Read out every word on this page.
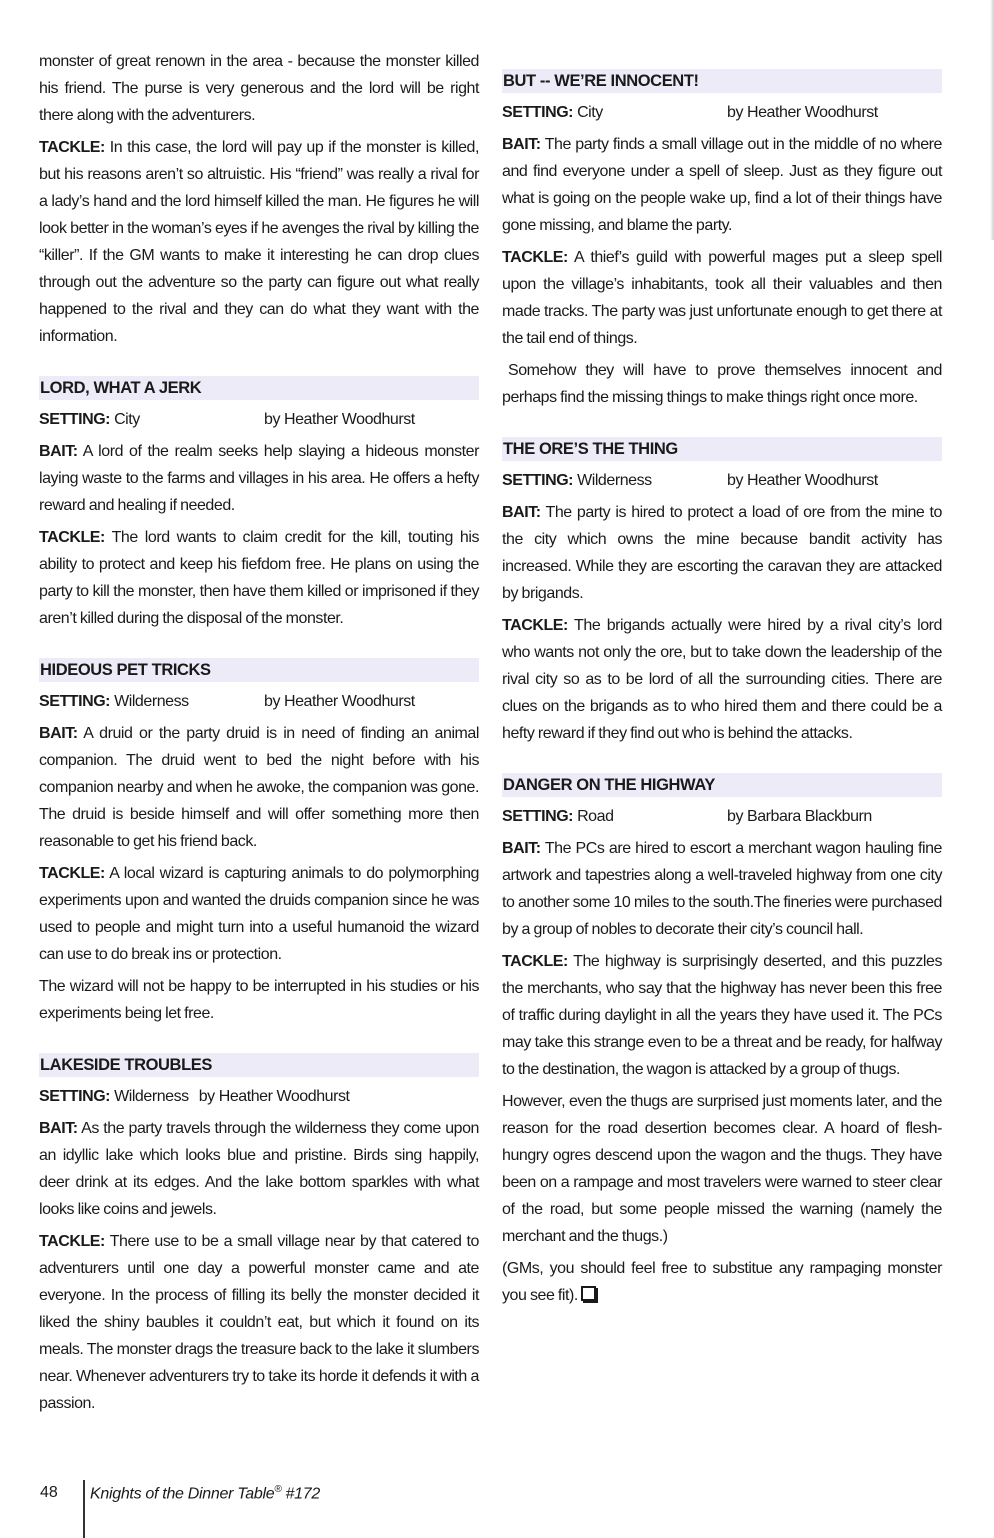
monster of great renown in the area - because the monster killed his friend. The purse is very generous and the lord will be right there along with the adventurers.

TACKLE: In this case, the lord will pay up if the monster is killed, but his reasons aren’t so altruistic. His “friend” was really a rival for a lady’s hand and the lord himself killed the man. He figures he will look better in the woman’s eyes if he avenges the rival by killing the “killer”. If the GM wants to make it interesting he can drop clues through out the adventure so the party can figure out what really happened to the rival and they can do what they want with the information.

LORD, WHAT A JERK
SETTING: City	by Heather Woodhurst

BAIT: A lord of the realm seeks help slaying a hideous monster laying waste to the farms and villages in his area. He offers a hefty reward and healing if needed.

TACKLE: The lord wants to claim credit for the kill, touting his ability to protect and keep his fiefdom free. He plans on using the party to kill the monster, then have them killed or imprisoned if they aren’t killed during the disposal of the monster.

HIDEOUS PET TRICKS
SETTING: Wilderness	by Heather Woodhurst

BAIT: A druid or the party druid is in need of finding an animal companion. The druid went to bed the night before with his companion nearby and when he awoke, the companion was gone. The druid is beside himself and will offer something more then reasonable to get his friend back.

TACKLE: A local wizard is capturing animals to do polymorphing experiments upon and wanted the druids companion since he was used to people and might turn into a useful humanoid the wizard can use to do break ins or protection.

The wizard will not be happy to be interrupted in his studies or his experiments being let free.

LAKESIDE TROUBLES
SETTING: Wilderness by Heather Woodhurst

BAIT: As the party travels through the wilderness they come upon an idyllic lake which looks blue and pristine. Birds sing happily, deer drink at its edges. And the lake bottom sparkles with what looks like coins and jewels.

TACKLE: There use to be a small village near by that catered to adventurers until one day a powerful monster came and ate everyone. In the process of filling its belly the monster decided it liked the shiny baubles it couldn’t eat, but which it found on its meals. The monster drags the treasure back to the lake it slumbers near. Whenever adventurers try to take its horde it defends it with a passion.

BUT -- WE’RE INNOCENT!
SETTING: City	by Heather Woodhurst

BAIT: The party finds a small village out in the middle of no where and find everyone under a spell of sleep. Just as they figure out what is going on the people wake up, find a lot of their things have gone missing, and blame the party.

TACKLE: A thief’s guild with powerful mages put a sleep spell upon the village’s inhabitants, took all their valuables and then made tracks. The party was just unfortunate enough to get there at the tail end of things.

Somehow they will have to prove themselves innocent and perhaps find the missing things to make things right once more.

THE ORE’S THE THING
SETTING: Wilderness	by Heather Woodhurst

BAIT: The party is hired to protect a load of ore from the mine to the city which owns the mine because bandit activity has increased. While they are escorting the caravan they are attacked by brigands.

TACKLE: The brigands actually were hired by a rival city’s lord who wants not only the ore, but to take down the leadership of the rival city so as to be lord of all the surrounding cities. There are clues on the brigands as to who hired them and there could be a hefty reward if they find out who is behind the attacks.

DANGER ON THE HIGHWAY
SETTING: Road	by Barbara Blackburn

BAIT: The PCs are hired to escort a merchant wagon hauling fine artwork and tapestries along a well-traveled highway from one city to another some 10 miles to the south.The fineries were purchased by a group of nobles to decorate their city’s council hall.

TACKLE: The highway is surprisingly deserted, and this puzzles the merchants, who say that the highway has never been this free of traffic during daylight in all the years they have used it. The PCs may take this strange even to be a threat and be ready, for halfway to the destination, the wagon is attacked by a group of thugs.

However, even the thugs are surprised just moments later, and the reason for the road desertion becomes clear. A hoard of flesh-hungry ogres descend upon the wagon and the thugs. They have been on a rampage and most travelers were warned to steer clear of the road, but some people missed the warning (namely the merchant and the thugs.)

(GMs, you should feel free to substitue any rampaging monster you see fit).

48 Knights of the Dinner Table® #172
